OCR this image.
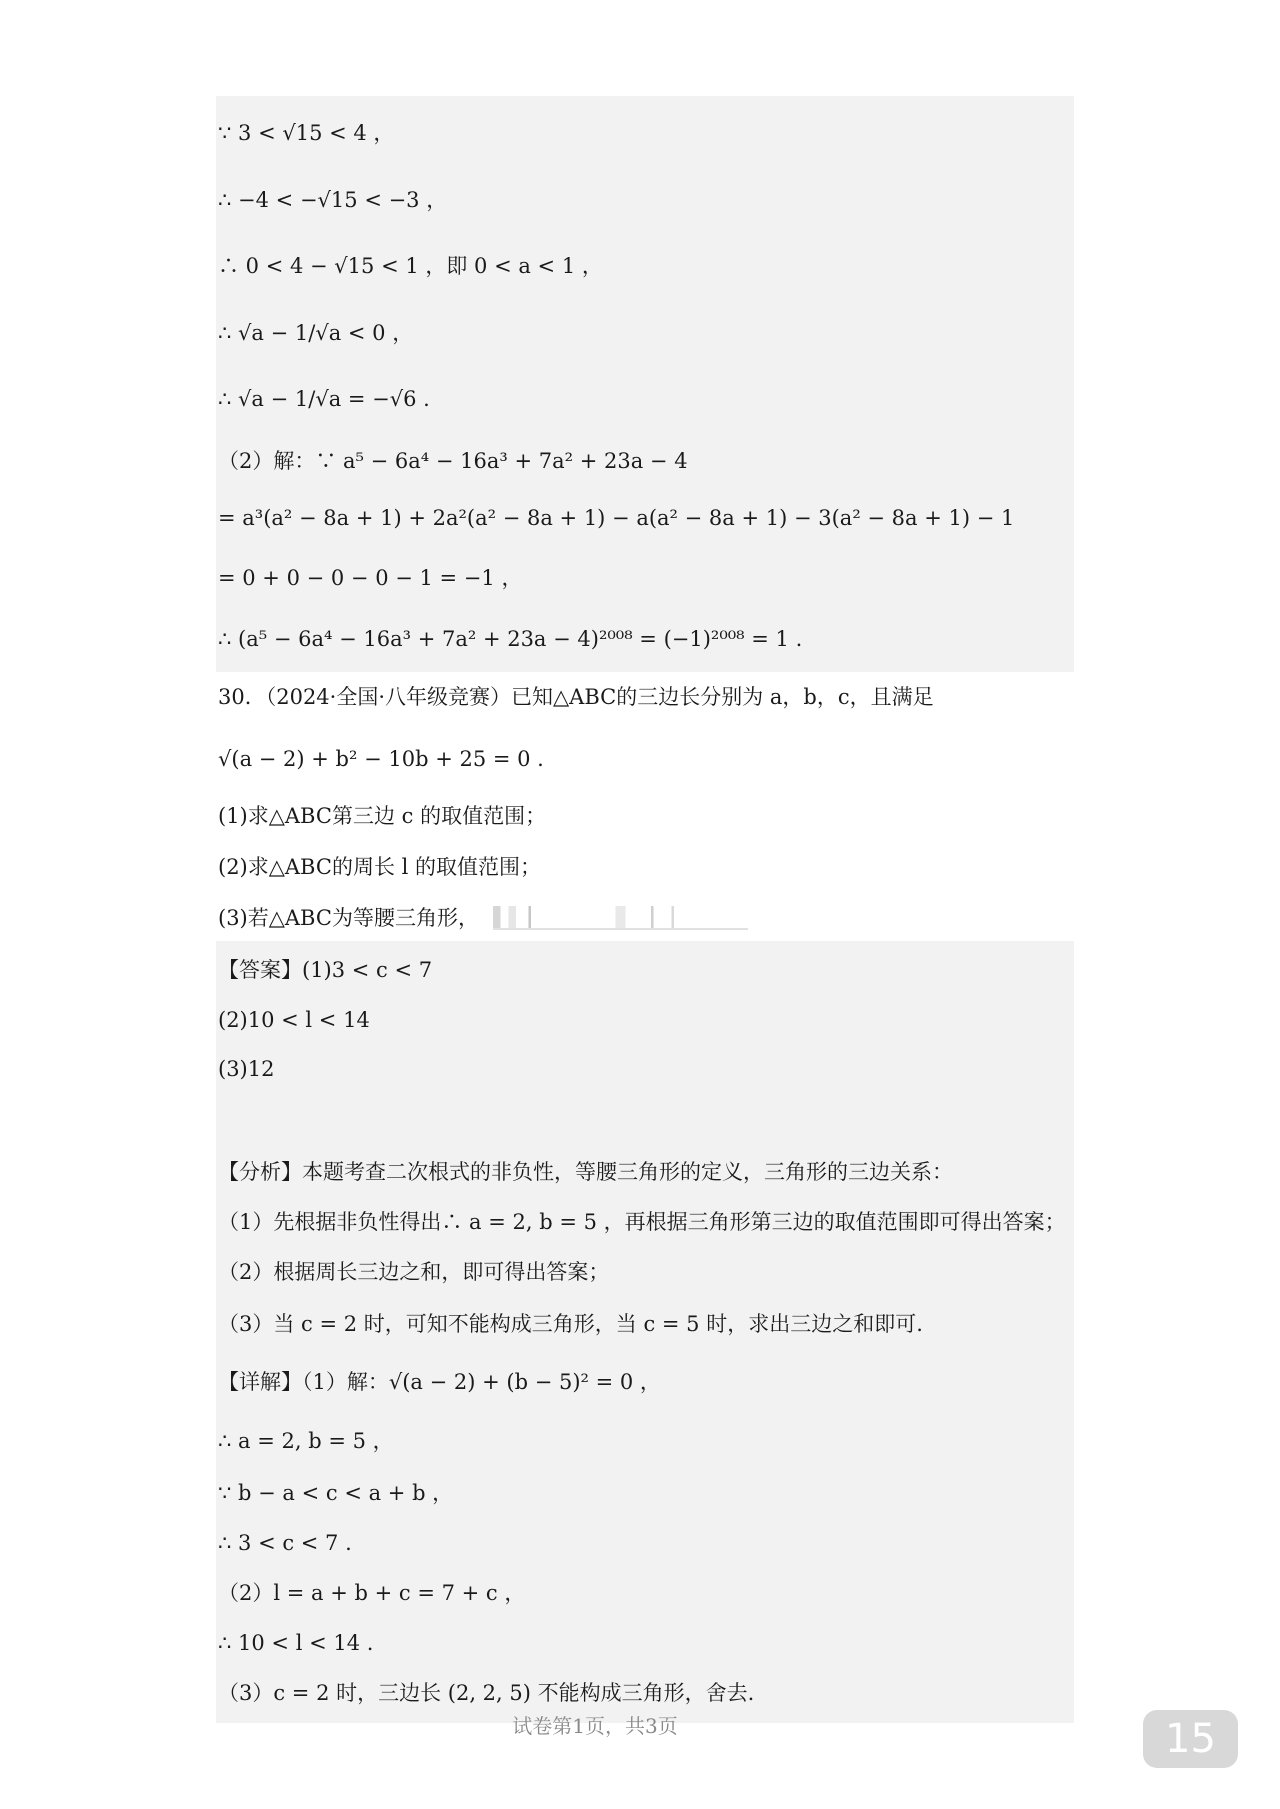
∵ 3 < √15 < 4 ，
∴ −4 < −√15 < −3 ，
∴ 0 < 4 − √15 < 1 ，即 0 < a < 1 ，
∴ √a − 1/√a < 0 ，
∴ √a − 1/√a = −√6 .
（2）解：∵ a⁵ − 6a⁴ − 16a³ + 7a² + 23a − 4
= a³(a² − 8a + 1) + 2a²(a² − 8a + 1) − a(a² − 8a + 1) − 3(a² − 8a + 1) − 1
= 0 + 0 − 0 − 0 − 1 = −1 ，
∴ (a⁵ − 6a⁴ − 16a³ + 7a² + 23a − 4)²⁰⁰⁸ = (−1)²⁰⁰⁸ = 1 .
30．（2024·全国·八年级竞赛）已知△ABC的三边长分别为 a，b，c，且满足
√(a − 2) + b² − 10b + 25 = 0 .
(1)求△ABC第三边 c 的取值范围；
(2)求△ABC的周长 l 的取值范围；
(3)若△ABC为等腰三角形，
【答案】(1)3 < c < 7
(2)10 < l < 14
(3)12
【分析】本题考查二次根式的非负性，等腰三角形的定义，三角形的三边关系：
（1）先根据非负性得出∴ a = 2, b = 5 ，再根据三角形第三边的取值范围即可得出答案；
（2）根据周长三边之和，即可得出答案；
（3）当 c = 2 时，可知不能构成三角形，当 c = 5 时，求出三边之和即可.
【详解】（1）解：√(a − 2) + (b − 5)² = 0 ，
∴ a = 2, b = 5 ，
∵ b − a < c < a + b ，
∴ 3 < c < 7 .
（2）l = a + b + c = 7 + c ，
∴ 10 < l < 14 .
（3）c = 2 时，三边长 (2, 2, 5) 不能构成三角形，舍去.
试卷第1页，共3页	15
